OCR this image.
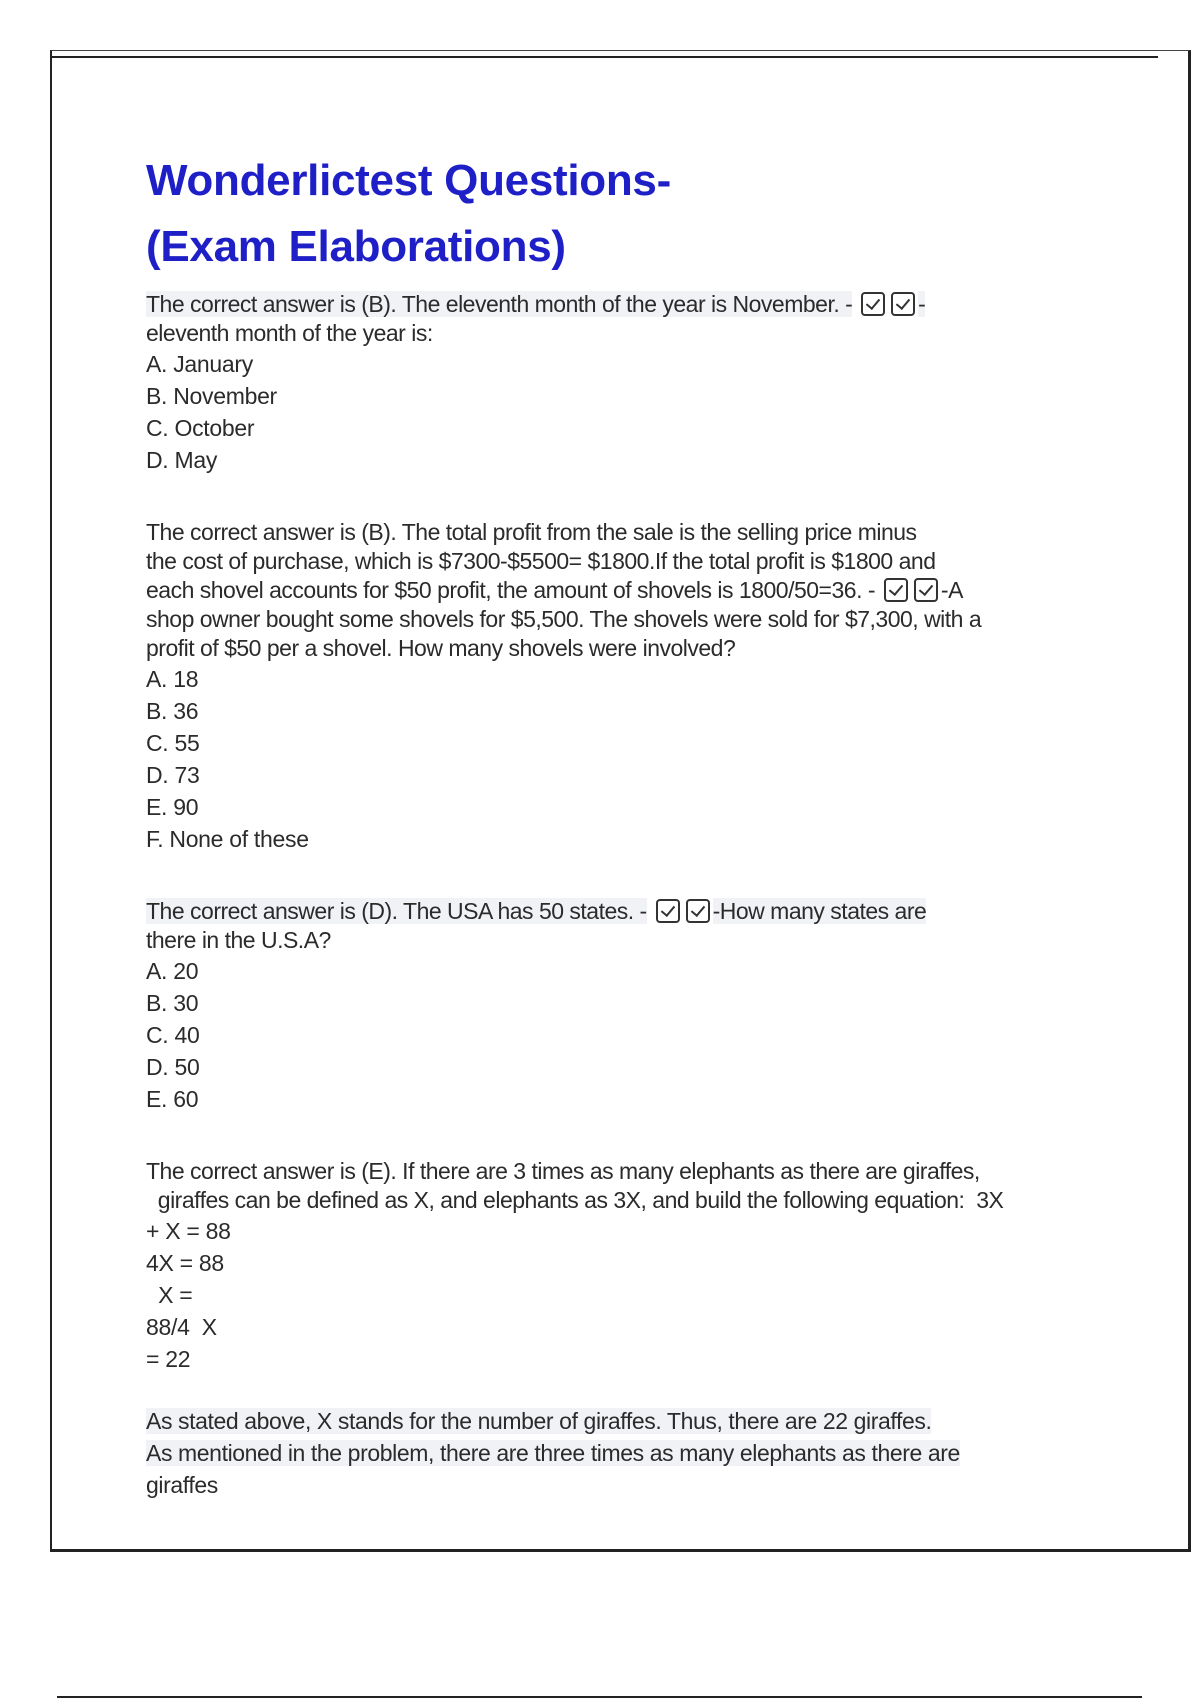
Wonderlictest Questions-
(Exam Elaborations)
The correct answer is (B). The eleventh month of the year is November. -	-
eleventh month of the year is:
A. January
B. November
C. October
D. May
The correct answer is (B). The total profit from the sale is the selling price minus
the cost of purchase, which is $7300-$5500= $1800.If the total profit is $1800 and
each shovel accounts for $50 profit, the amount of shovels is 1800/50=36. -	-A
shop owner bought some shovels for $5,500. The shovels were sold for $7,300, with a
profit of $50 per a shovel. How many shovels were involved?
A. 18
B. 36
C. 55
D. 73
E. 90
F. None of these
The correct answer is (D). The USA has 50 states. -	-How many states are
there in the U.S.A?
A. 20
B. 30
C. 40
D. 50
E. 60
The correct answer is (E). If there are 3 times as many elephants as there are giraffes,
giraffes can be defined as X, and elephants as 3X, and build the following equation:  3X
+ X = 88
4X = 88
X =
88/4  X
= 22
As stated above, X stands for the number of giraffes. Thus, there are 22 giraffes.
As mentioned in the problem, there are three times as many elephants as there are
giraffes
